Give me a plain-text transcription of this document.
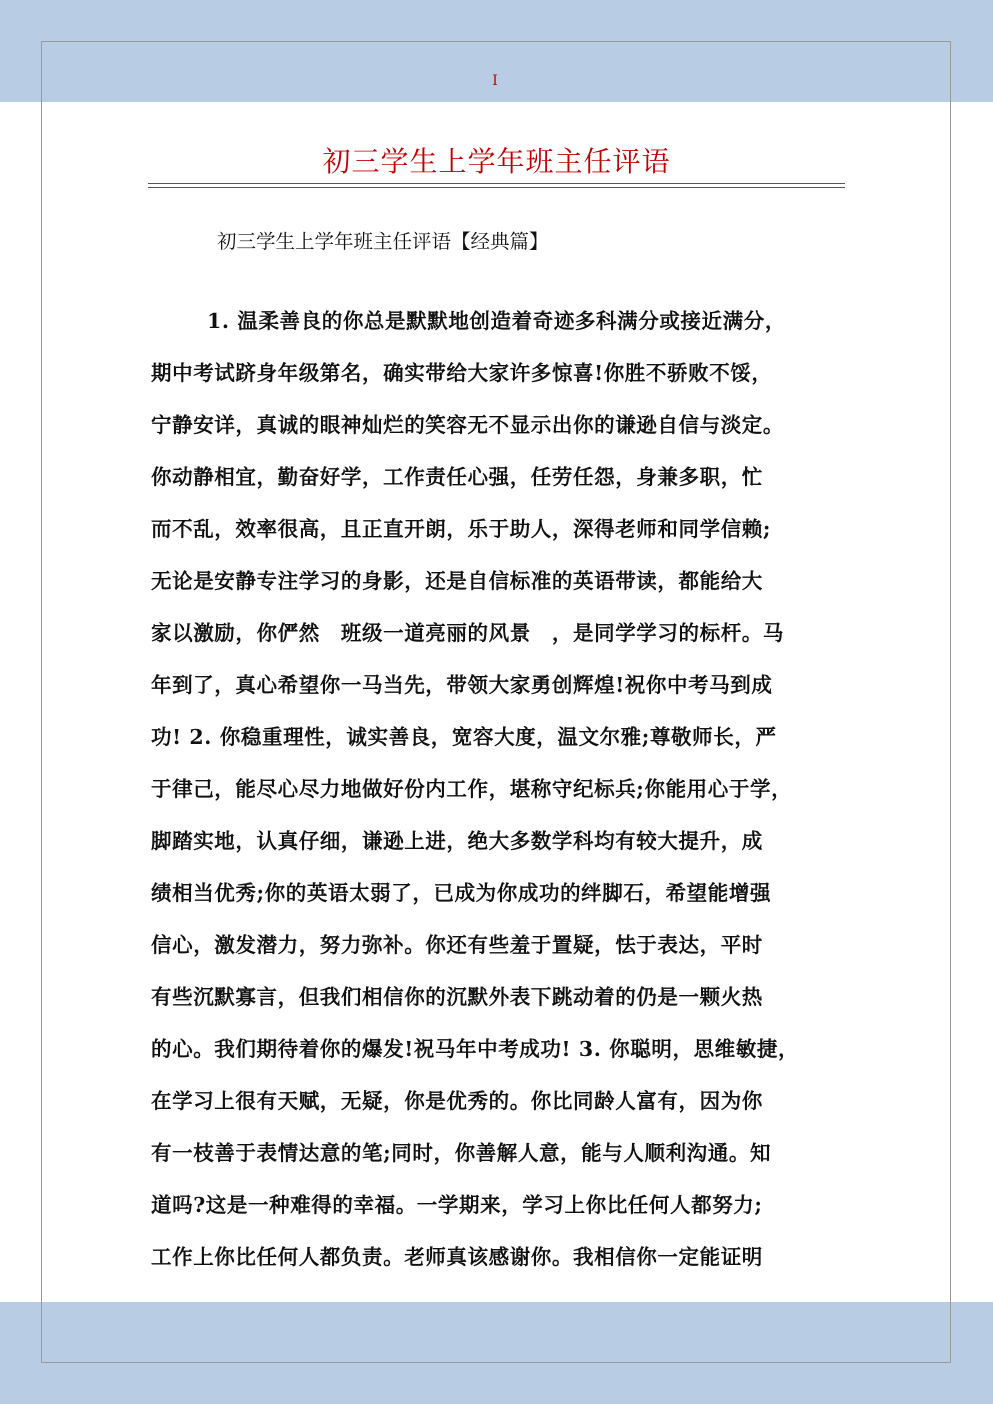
I
初三学生上学年班主任评语
初三学生上学年班主任评语【经典篇】
1. 温柔善良的你总是默默地创造着奇迹多科满分或接近满分，
期中考试跻身年级第名，确实带给大家许多惊喜!你胜不骄败不馁，
宁静安详，真诚的眼神灿烂的笑容无不显示出你的谦逊自信与淡定。
你动静相宜，勤奋好学，工作责任心强，任劳任怨，身兼多职，忙
而不乱，效率很高，且正直开朗，乐于助人，深得老师和同学信赖;
无论是安静专注学习的身影，还是自信标准的英语带读，都能给大
家以激励，你俨然　班级一道亮丽的风景　，是同学学习的标杆。马
年到了，真心希望你一马当先，带领大家勇创辉煌!祝你中考马到成
功! 2. 你稳重理性，诚实善良，宽容大度，温文尔雅;尊敬师长，严
于律己，能尽心尽力地做好份内工作，堪称守纪标兵;你能用心于学，
脚踏实地，认真仔细，谦逊上进，绝大多数学科均有较大提升，成
绩相当优秀;你的英语太弱了，已成为你成功的绊脚石，希望能增强
信心，激发潜力，努力弥补。你还有些羞于置疑，怯于表达，平时
有些沉默寡言，但我们相信你的沉默外表下跳动着的仍是一颗火热
的心。我们期待着你的爆发!祝马年中考成功! 3. 你聪明，思维敏捷，
在学习上很有天赋，无疑，你是优秀的。你比同龄人富有，因为你
有一枝善于表情达意的笔;同时，你善解人意，能与人顺利沟通。知
道吗?这是一种难得的幸福。一学期来，学习上你比任何人都努力;
工作上你比任何人都负责。老师真该感谢你。我相信你一定能证明
